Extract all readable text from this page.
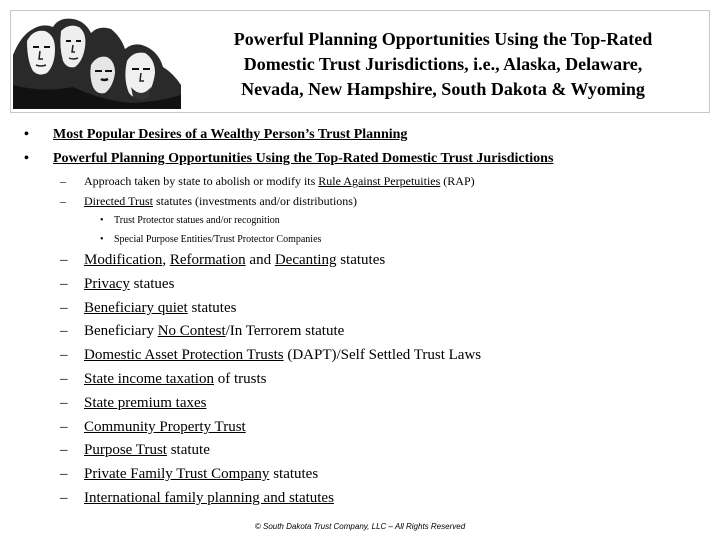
Powerful Planning Opportunities Using the Top-Rated
Domestic Trust Jurisdictions, i.e., Alaska, Delaware,
Nevada, New Hampshire, South Dakota & Wyoming
•	Most Popular Desires of a Wealthy Person’s Trust Planning
•	Powerful Planning Opportunities Using the Top-Rated Domestic Trust Jurisdictions
– Approach taken by state to abolish or modify its Rule Against Perpetuities (RAP)
– Directed Trust statutes (investments and/or distributions)
• Trust Protector statues and/or recognition
• Special Purpose Entities/Trust Protector Companies
– Modification, Reformation and Decanting statutes
– Privacy statues
– Beneficiary quiet statutes
– Beneficiary No Contest/In Terrorem statute
– Domestic Asset Protection Trusts (DAPT)/Self Settled Trust Laws
– State income taxation of trusts
– State premium taxes
– Community Property Trust
– Purpose Trust statute
– Private Family Trust Company statutes
– International family planning and statutes
© South Dakota Trust Company, LLC – All Rights Reserved
